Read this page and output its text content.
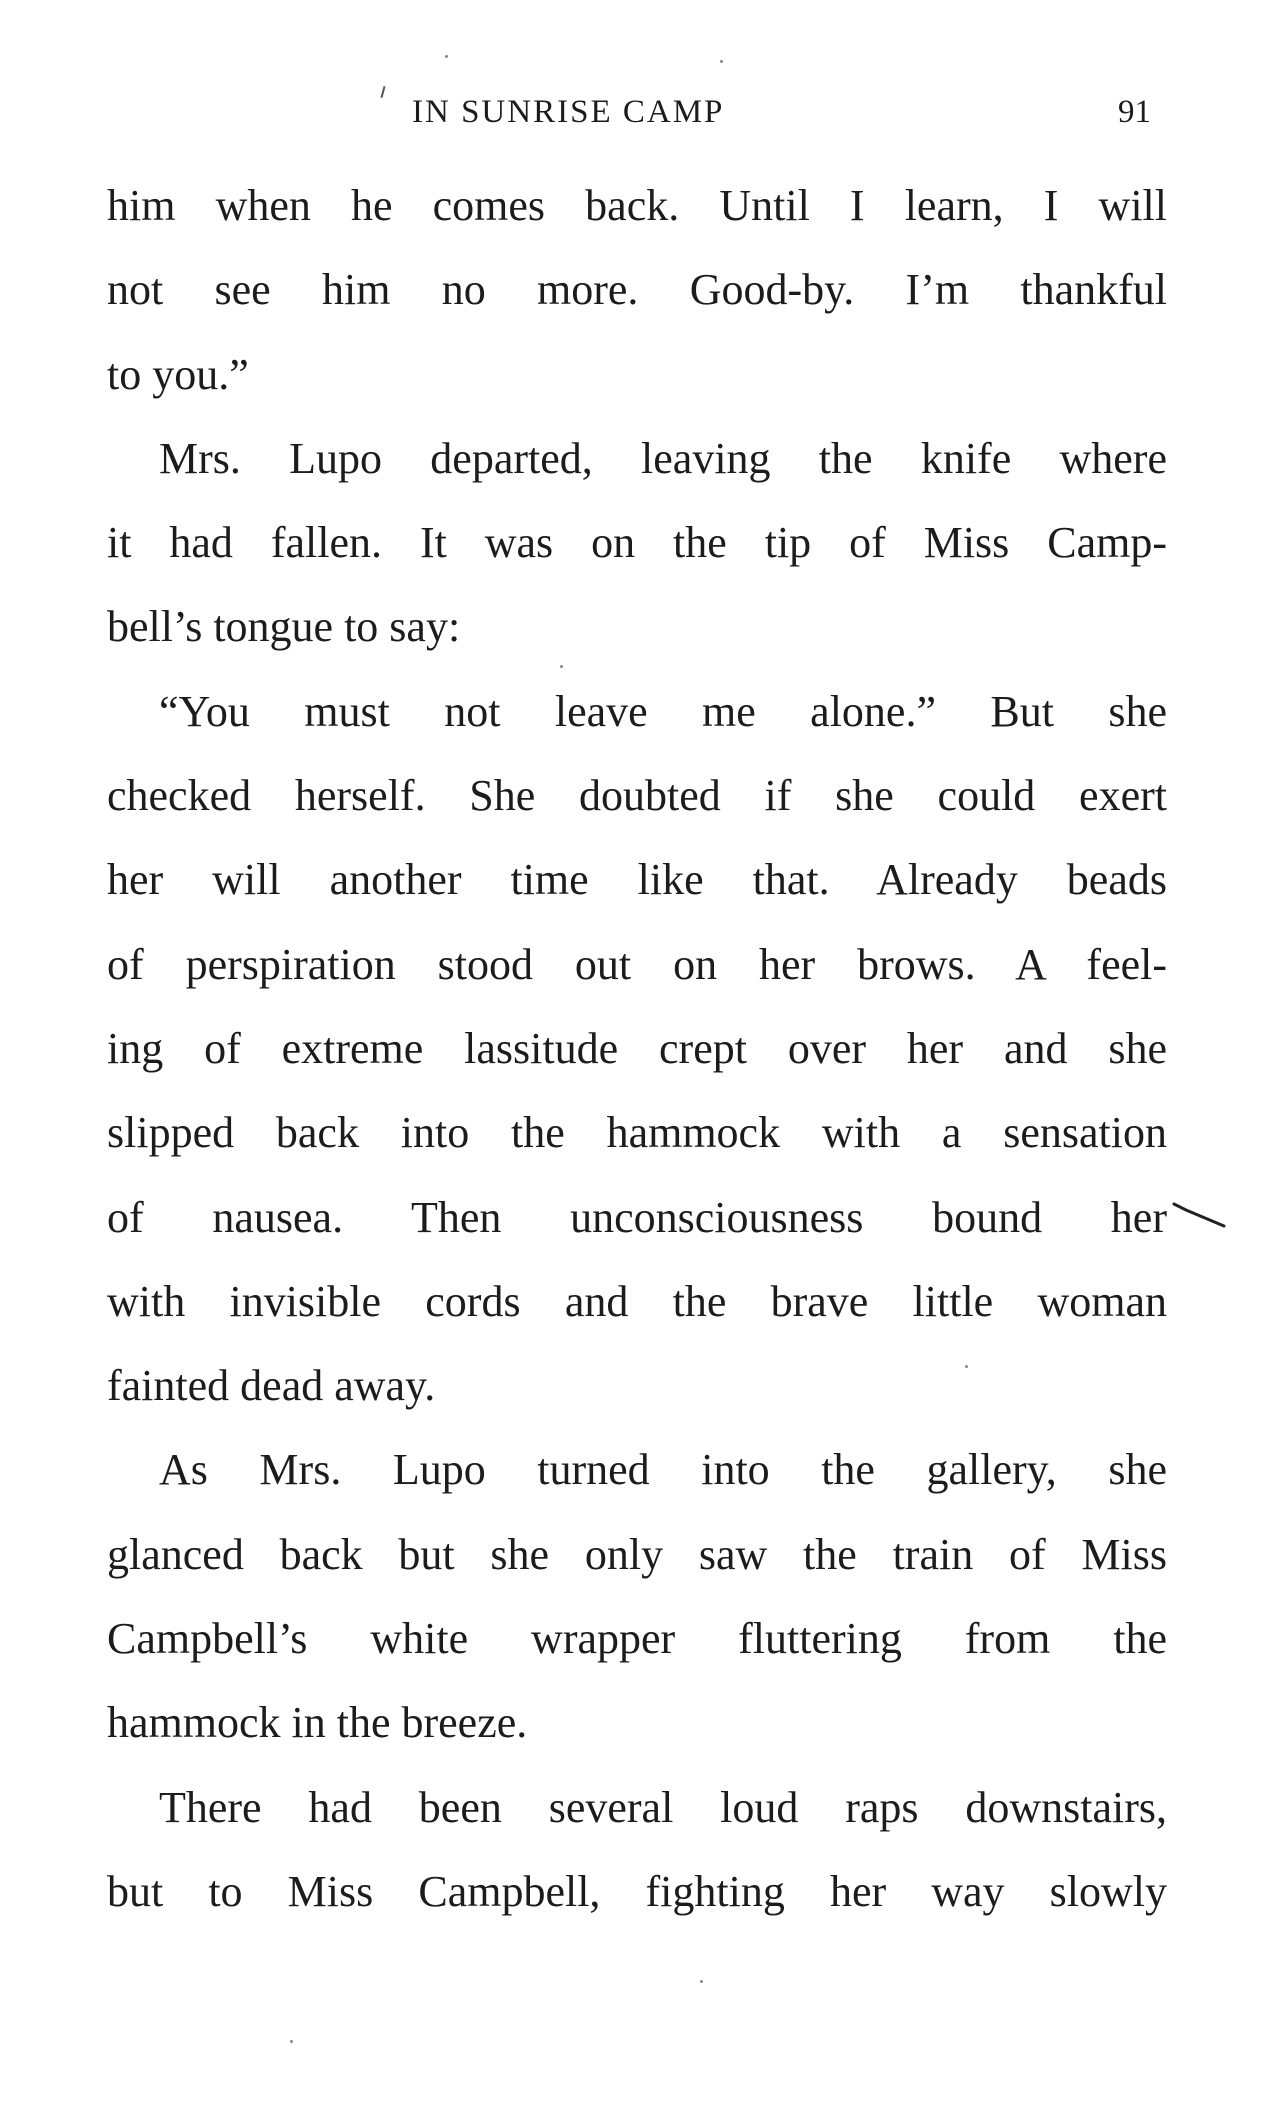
IN SUNRISE CAMP	91
him when he comes back. Until I learn, I will
not see him no more. Good-by. I’m thankful
to you.”
Mrs. Lupo departed, leaving the knife where
it had fallen. It was on the tip of Miss Camp-
bell’s tongue to say:
“You must not leave me alone.” But she
checked herself. She doubted if she could exert
her will another time like that. Already beads
of perspiration stood out on her brows. A feel-
ing of extreme lassitude crept over her and she
slipped back into the hammock with a sensation
of nausea. Then unconsciousness bound her
with invisible cords and the brave little woman
fainted dead away.
As Mrs. Lupo turned into the gallery, she
glanced back but she only saw the train of Miss
Campbell’s white wrapper fluttering from the
hammock in the breeze.
There had been several loud raps downstairs,
but to Miss Campbell, fighting her way slowly
